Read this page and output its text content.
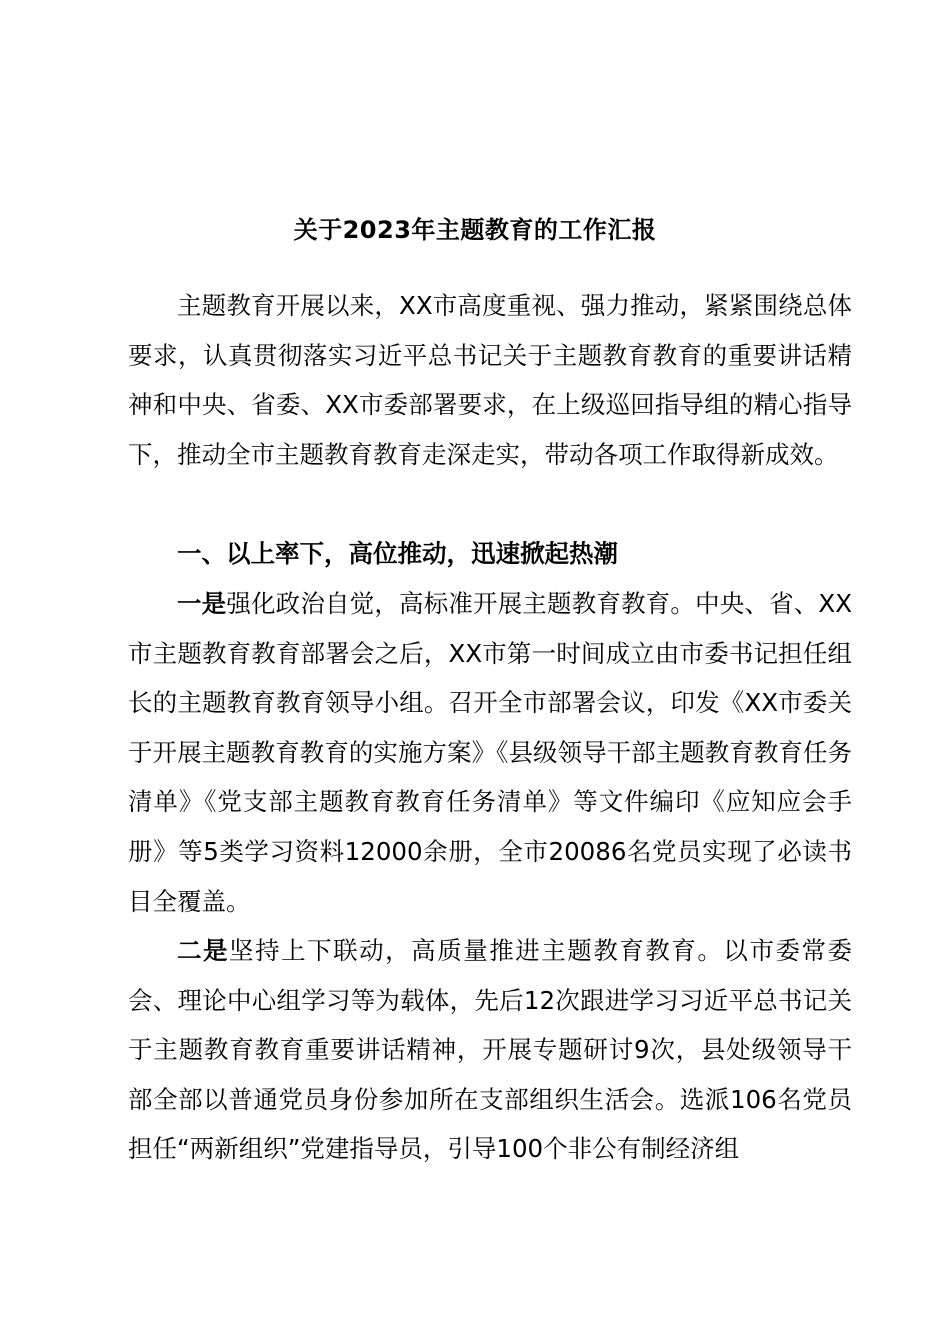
关于2023年主题教育的工作汇报

主题教育开展以来，XX市高度重视、强力推动，紧紧围绕总体要求，认真贯彻落实习近平总书记关于主题教育教育的重要讲话精神和中央、省委、XX市委部署要求，在上级巡回指导组的精心指导下，推动全市主题教育教育走深走实，带动各项工作取得新成效。

一、以上率下，高位推动，迅速掀起热潮

一是强化政治自觉，高标准开展主题教育教育。中央、省、XX市主题教育教育部署会之后，XX市第一时间成立由市委书记担任组长的主题教育教育领导小组。召开全市部署会议，印发《XX市委关于开展主题教育教育的实施方案》《县级领导干部主题教育教育任务清单》《党支部主题教育教育任务清单》等文件编印《应知应会手册》等5类学习资料12000余册，全市20086名党员实现了必读书目全覆盖。

二是坚持上下联动，高质量推进主题教育教育。以市委常委会、理论中心组学习等为载体，先后12次跟进学习习近平总书记关于主题教育教育重要讲话精神，开展专题研讨9次，县处级领导干部全部以普通党员身份参加所在支部组织生活会。选派106名党员担任“两新组织”党建指导员，引导100个非公有制经济组
